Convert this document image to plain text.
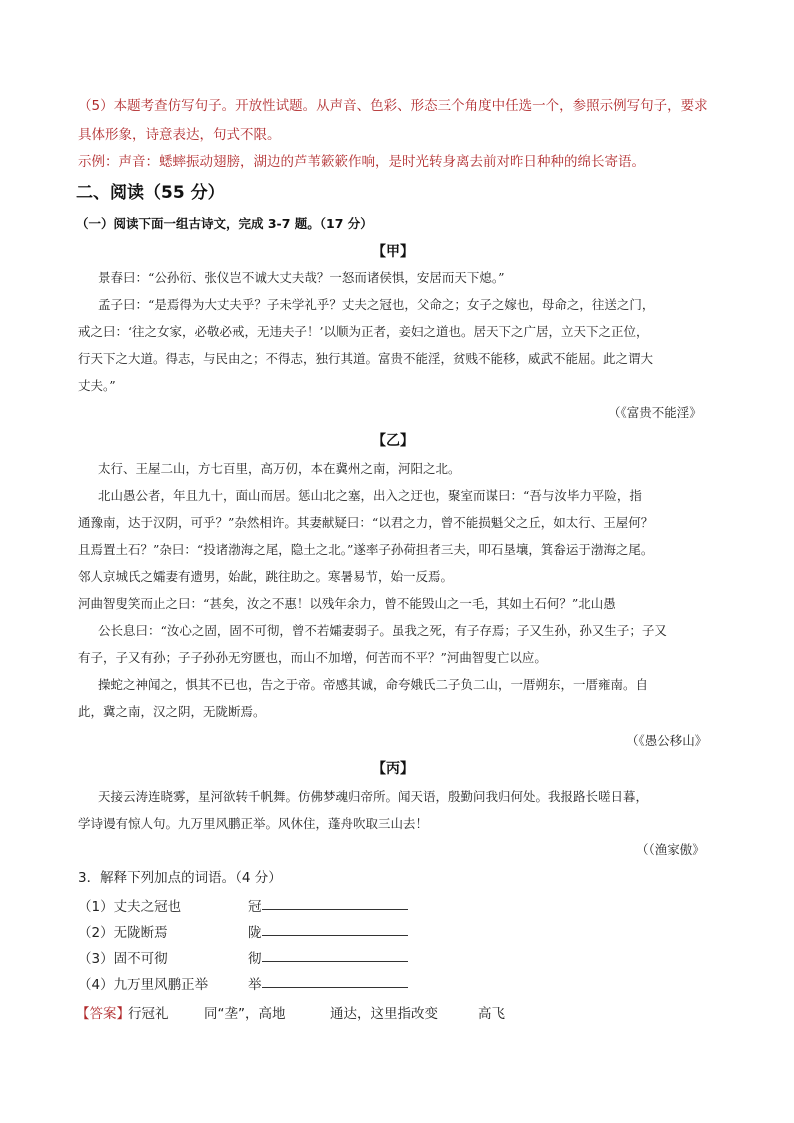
（5）本题考查仿写句子。开放性试题。从声音、色彩、形态三个角度中任选一个，参照示例写句子，要求
具体形象，诗意表达，句式不限。
示例：声音：蟋蟀振动翅膀，湖边的芦苇簌簌作响，是时光转身离去前对昨日种种的绵长寄语。
二、阅读（55 分）
（一）阅读下面一组古诗文，完成 3-7 题。（17 分）
【甲】
景春曰：“公孙衍、张仪岂不诚大丈夫哉？一怒而诸侯惧，安居而天下熄。”
孟子曰：“是焉得为大丈夫乎？子未学礼乎？丈夫之冠也，父命之；女子之嫁也，母命之，往送之门，
戒之曰：‘往之女家，必敬必戒，无违夫子！’以顺为正者，妾妇之道也。居天下之广居，立天下之正位，
行天下之大道。得志，与民由之；不得志，独行其道。富贵不能淫，贫贱不能移，威武不能屈。此之谓大
丈夫。”
（《富贵不能淫》
【乙】
太行、王屋二山，方七百里，高万仞，本在冀州之南，河阳之北。
北山愚公者，年且九十，面山而居。惩山北之塞，出入之迂也，聚室而谋曰：“吾与汝毕力平险，指
通豫南，达于汉阴，可乎？”杂然相许。其妻献疑曰：“以君之力，曾不能损魁父之丘，如太行、王屋何？
且焉置土石？”杂曰：“投诸渤海之尾，隐土之北。”遂率子孙荷担者三夫，叩石垦壤，箕畚运于渤海之尾。
邻人京城氏之孀妻有遗男，始龀，跳往助之。寒暑易节，始一反焉。
河曲智叟笑而止之曰：“甚矣，汝之不惠！以残年余力，曾不能毁山之一毛，其如土石何？”北山愚
公长息曰：“汝心之固，固不可彻，曾不若孀妻弱子。虽我之死，有子存焉；子又生孙，孙又生子；子又
有子，子又有孙；子子孙孙无穷匮也，而山不加增，何苦而不平？”河曲智叟亡以应。
操蛇之神闻之，惧其不已也，告之于帝。帝感其诚，命夸娥氏二子负二山，一厝朔东，一厝雍南。自
此，冀之南，汉之阴，无陇断焉。
（《愚公移山》
【丙】
天接云涛连晓雾，星河欲转千帆舞。仿佛梦魂归帝所。闻天语，殷勤问我归何处。我报路长嗟日暮，
学诗谩有惊人句。九万里风鹏正举。风休住，蓬舟吹取三山去！
（（渔家傲》
3．解释下列加点的词语。（4 分）
（1）丈夫之冠也	冠
（2）无陇断焉	陇
（3）固不可彻	彻
（4）九万里风鹏正举	举
【答案】
行冠礼	同“垄”，高地	通达，这里指改变	高飞
